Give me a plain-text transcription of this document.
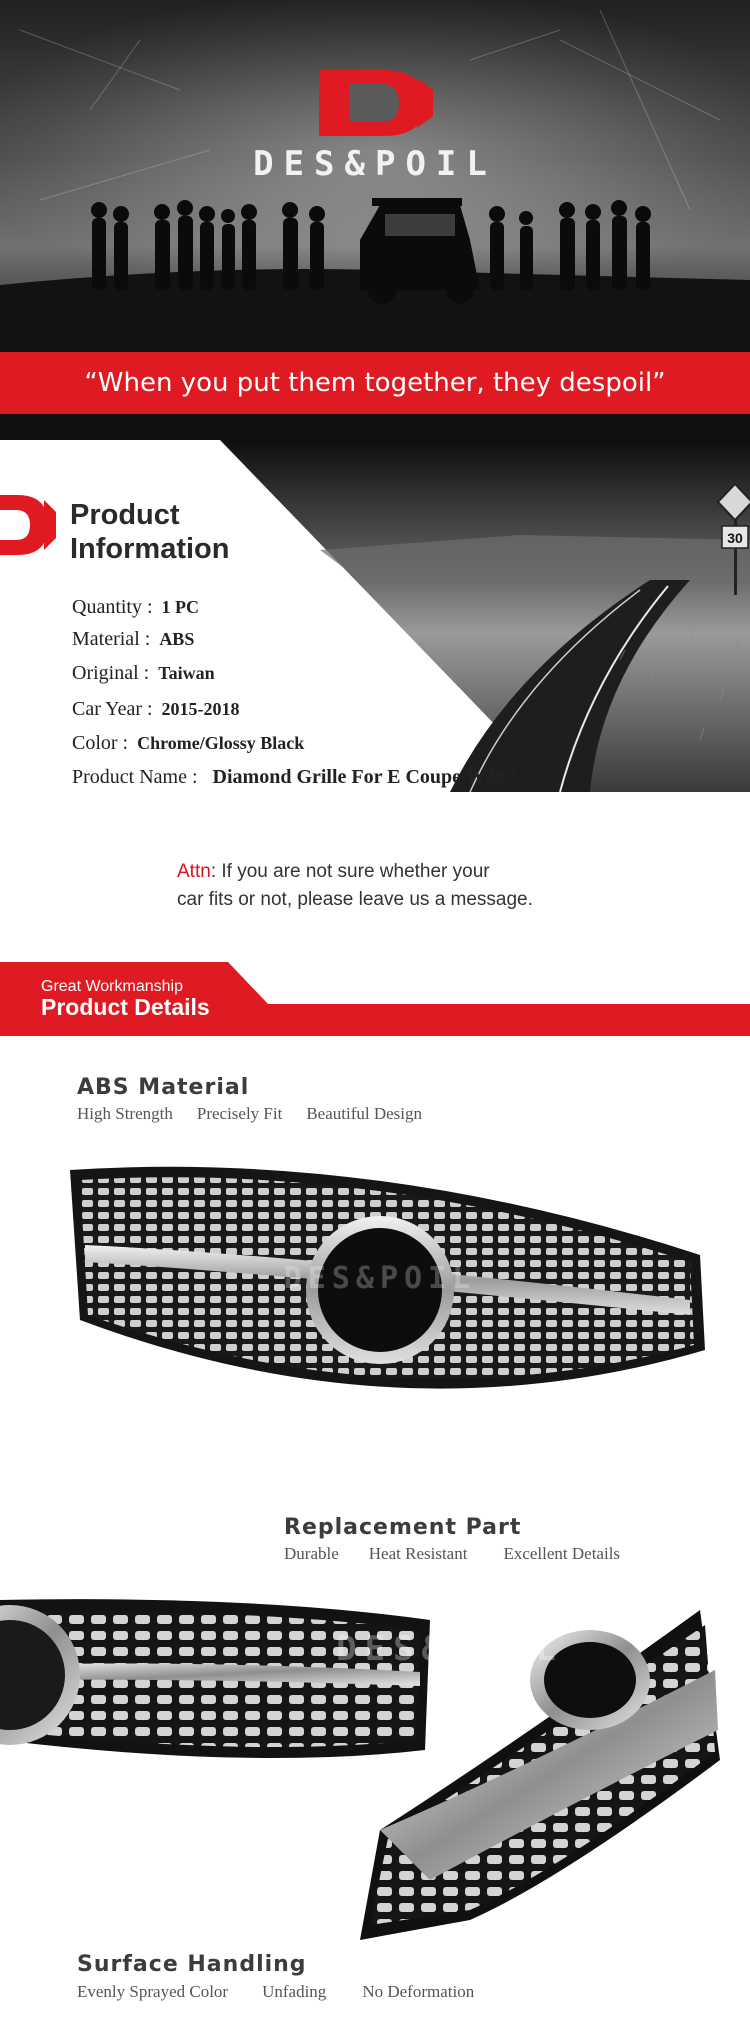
DES&POIL
“When you put them together, they despoil”
30
Product
Information
Quantity : 1 PC
Material : ABS
Original : Taiwan
Car Year : 2015-2018
Color : Chrome/Glossy Black
Product Name : Diamond Grille For E Coupe W207
Attn: If you are not sure whether your
car fits or not, please leave us a message.
Great Workmanship
Product Details
ABS Material
High Strength Precisely Fit Beautiful Design
DES&POIL
Replacement Part
Durable Heat Resistant Excellent Details
DES&POIL
Surface Handling
Evenly Sprayed Color Unfading No Deformation
